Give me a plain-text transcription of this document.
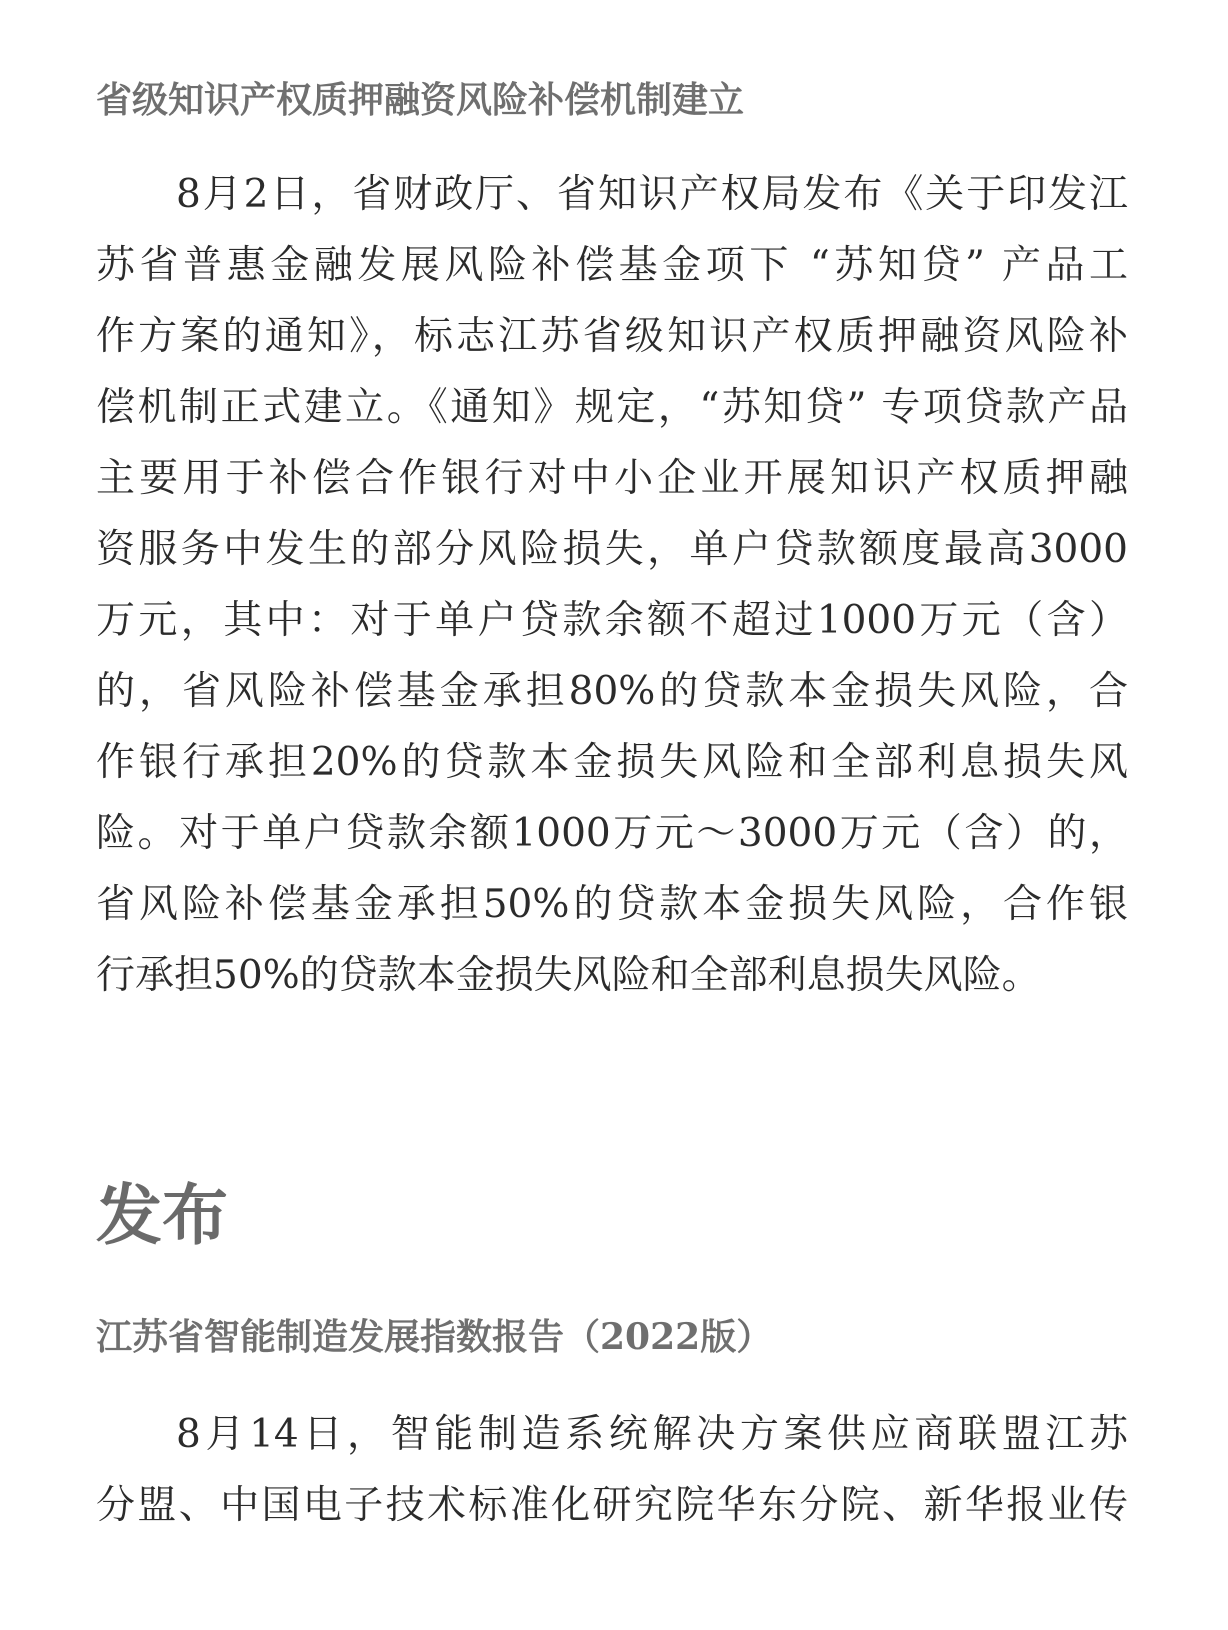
省级知识产权质押融资风险补偿机制建立
8月2日，省财政厅、省知识产权局发布《关于印发江
苏省普惠金融发展风险补偿基金项下 “苏知贷” 产品工
作方案的通知》，标志江苏省级知识产权质押融资风险补
偿机制正式建立。《通知》规定，“苏知贷” 专项贷款产品
主要用于补偿合作银行对中小企业开展知识产权质押融
资服务中发生的部分风险损失，单户贷款额度最高3000
万元，其中：对于单户贷款余额不超过1000万元（含）
的，省风险补偿基金承担80%的贷款本金损失风险，合
作银行承担20%的贷款本金损失风险和全部利息损失风
险。对于单户贷款余额1000万元～3000万元（含）的，
省风险补偿基金承担50%的贷款本金损失风险，合作银
行承担50%的贷款本金损失风险和全部利息损失风险。
发布
江苏省智能制造发展指数报告（2022版）
8月14日，智能制造系统解决方案供应商联盟江苏
分盟、中国电子技术标准化研究院华东分院、新华报业传
